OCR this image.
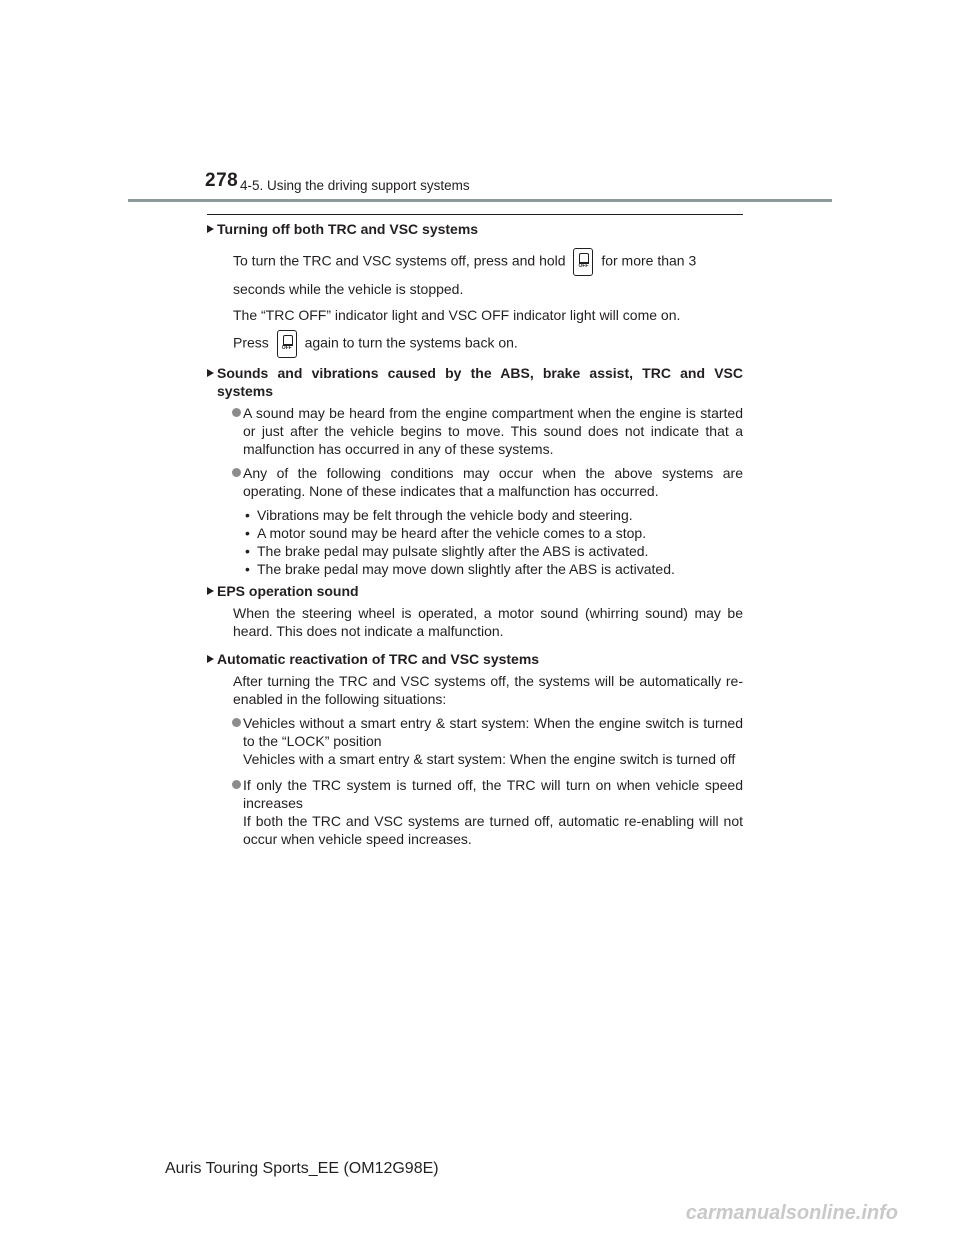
278 4-5. Using the driving support systems
Turning off both TRC and VSC systems
To turn the TRC and VSC systems off, press and hold	OFF for more than 3
seconds while the vehicle is stopped.
The “TRC OFF” indicator light and VSC OFF indicator light will come on.
Press	OFF again to turn the systems back on.
Sounds and vibrations caused by the ABS, brake assist, TRC and VSC systems
A sound may be heard from the engine compartment when the engine is started or just after the vehicle begins to move. This sound does not indicate that a malfunction has occurred in any of these systems.
Any of the following conditions may occur when the above systems are operating. None of these indicates that a malfunction has occurred.
• Vibrations may be felt through the vehicle body and steering.
• A motor sound may be heard after the vehicle comes to a stop.
• The brake pedal may pulsate slightly after the ABS is activated.
• The brake pedal may move down slightly after the ABS is activated.
EPS operation sound
When the steering wheel is operated, a motor sound (whirring sound) may be heard. This does not indicate a malfunction.
Automatic reactivation of TRC and VSC systems
After turning the TRC and VSC systems off, the systems will be automatically re-enabled in the following situations:
Vehicles without a smart entry & start system: When the engine switch is turned to the “LOCK” position
Vehicles with a smart entry & start system: When the engine switch is turned off
If only the TRC system is turned off, the TRC will turn on when vehicle speed increases
If both the TRC and VSC systems are turned off, automatic re-enabling will not occur when vehicle speed increases.
Auris Touring Sports_EE (OM12G98E)
carmanualsonline.info
